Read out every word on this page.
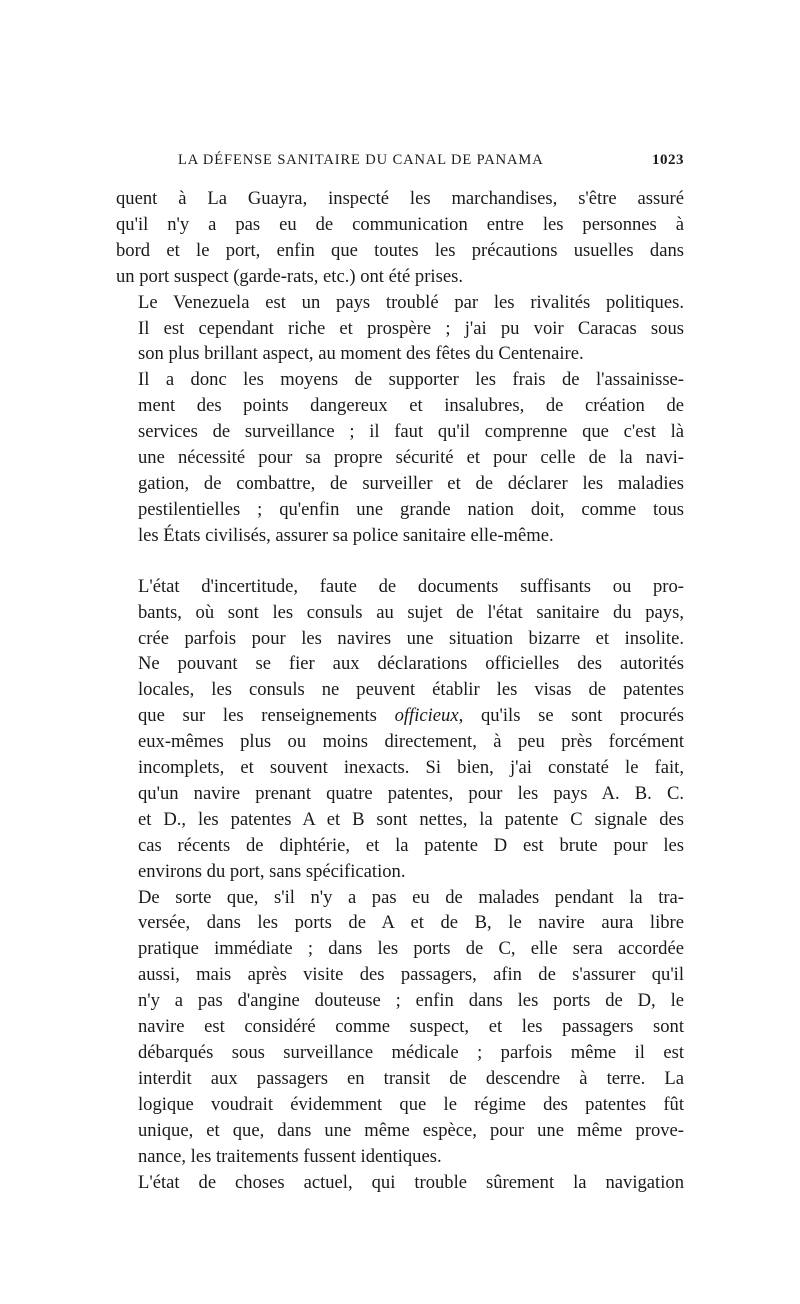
LA DÉFENSE SANITAIRE DU CANAL DE PANAMA	1023

quent à La Guayra, inspecté les marchandises, s'être assuré
qu'il n'y a pas eu de communication entre les personnes à
bord et le port, enfin que toutes les précautions usuelles dans
un port suspect (garde-rats, etc.) ont été prises.

Le Venezuela est un pays troublé par les rivalités politiques.
Il est cependant riche et prospère ; j'ai pu voir Caracas sous
son plus brillant aspect, au moment des fêtes du Centenaire.

Il a donc les moyens de supporter les frais de l'assainisse-
ment des points dangereux et insalubres, de création de
services de surveillance ; il faut qu'il comprenne que c'est là
une nécessité pour sa propre sécurité et pour celle de la navi-
gation, de combattre, de surveiller et de déclarer les maladies
pestilentielles ; qu'enfin une grande nation doit, comme tous
les États civilisés, assurer sa police sanitaire elle-même.

L'état d'incertitude, faute de documents suffisants ou pro-
bants, où sont les consuls au sujet de l'état sanitaire du pays,
crée parfois pour les navires une situation bizarre et insolite.
Ne pouvant se fier aux déclarations officielles des autorités
locales, les consuls ne peuvent établir les visas de patentes
que sur les renseignements officieux, qu'ils se sont procurés
eux-mêmes plus ou moins directement, à peu près forcément
incomplets, et souvent inexacts. Si bien, j'ai constaté le fait,
qu'un navire prenant quatre patentes, pour les pays A. B. C.
et D., les patentes A et B sont nettes, la patente C signale des
cas récents de diphtérie, et la patente D est brute pour les
environs du port, sans spécification.

De sorte que, s'il n'y a pas eu de malades pendant la tra-
versée, dans les ports de A et de B, le navire aura libre
pratique immédiate ; dans les ports de C, elle sera accordée
aussi, mais après visite des passagers, afin de s'assurer qu'il
n'y a pas d'angine douteuse ; enfin dans les ports de D, le
navire est considéré comme suspect, et les passagers sont
débarqués sous surveillance médicale ; parfois même il est
interdit aux passagers en transit de descendre à terre. La
logique voudrait évidemment que le régime des patentes fût
unique, et que, dans une même espèce, pour une même prove-
nance, les traitements fussent identiques.

L'état de choses actuel, qui trouble sûrement la navigation
